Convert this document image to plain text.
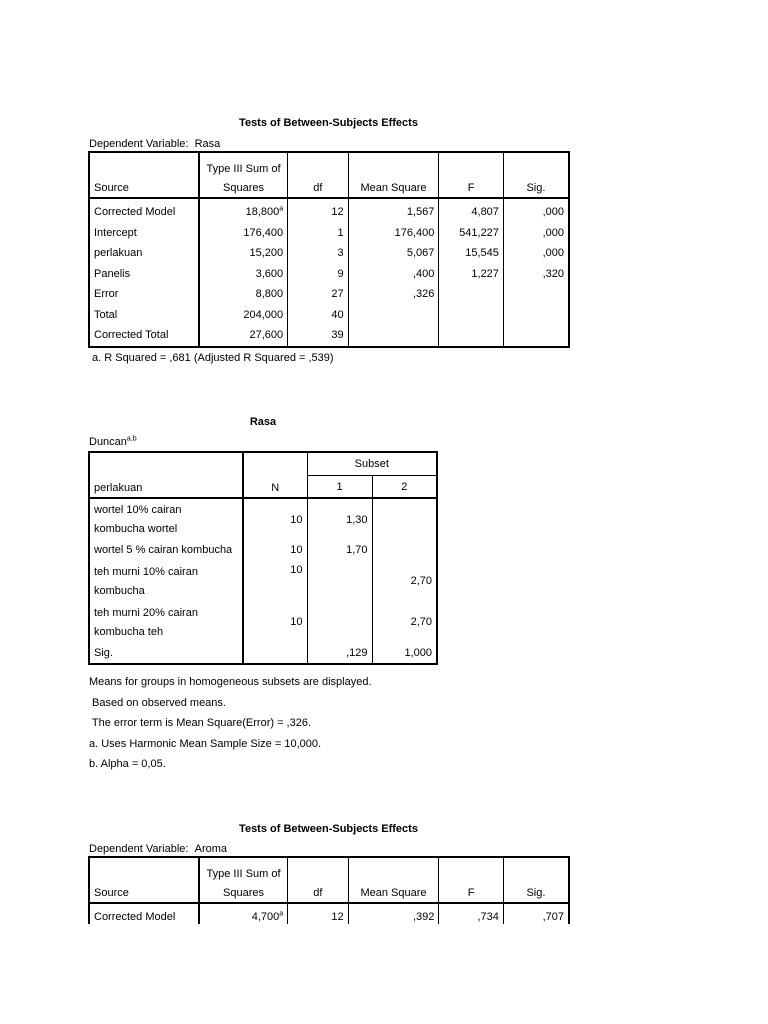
Tests of Between-Subjects Effects
Dependent Variable: Rasa
Source	Type III Sum of
Squares	df	Mean Square	F	Sig.
Corrected Model	18,800$^a$	12	1,567	4,807	,000
Intercept	176,400	1	176,400	541,227	,000
perlakuan	15,200	3	5,067	15,545	,000
Panelis	3,600	9	,400	1,227	,320
Error	8,800	27	,326		
Total	204,000	40			
Corrected Total	27,600	39			
a. R Squared = ,681 (Adjusted R Squared = ,539)
Rasa
Duncan$^{a,b}$
perlakuan	N	Subset	
		1	2

wortel 10% cairan
kombucha wortel	10	1,30	
wortel 5 % cairan kombucha	10	1,70	

teh murni 10% cairan
kombucha	10		2,70

teh murni 20% cairan
kombucha teh	10		2,70
Sig.		,129	1,000
Means for groups in homogeneous subsets are displayed.
Based on observed means.
The error term is Mean Square(Error) = ,326.
a. Uses Harmonic Mean Sample Size = 10,000.
b. Alpha = 0,05.
Tests of Between-Subjects Effects
Dependent Variable: Aroma
Source	Type III Sum of
Squares	df	Mean Square	F	Sig.
Corrected Model	4,700$^a$	12	,392	,734	,707
